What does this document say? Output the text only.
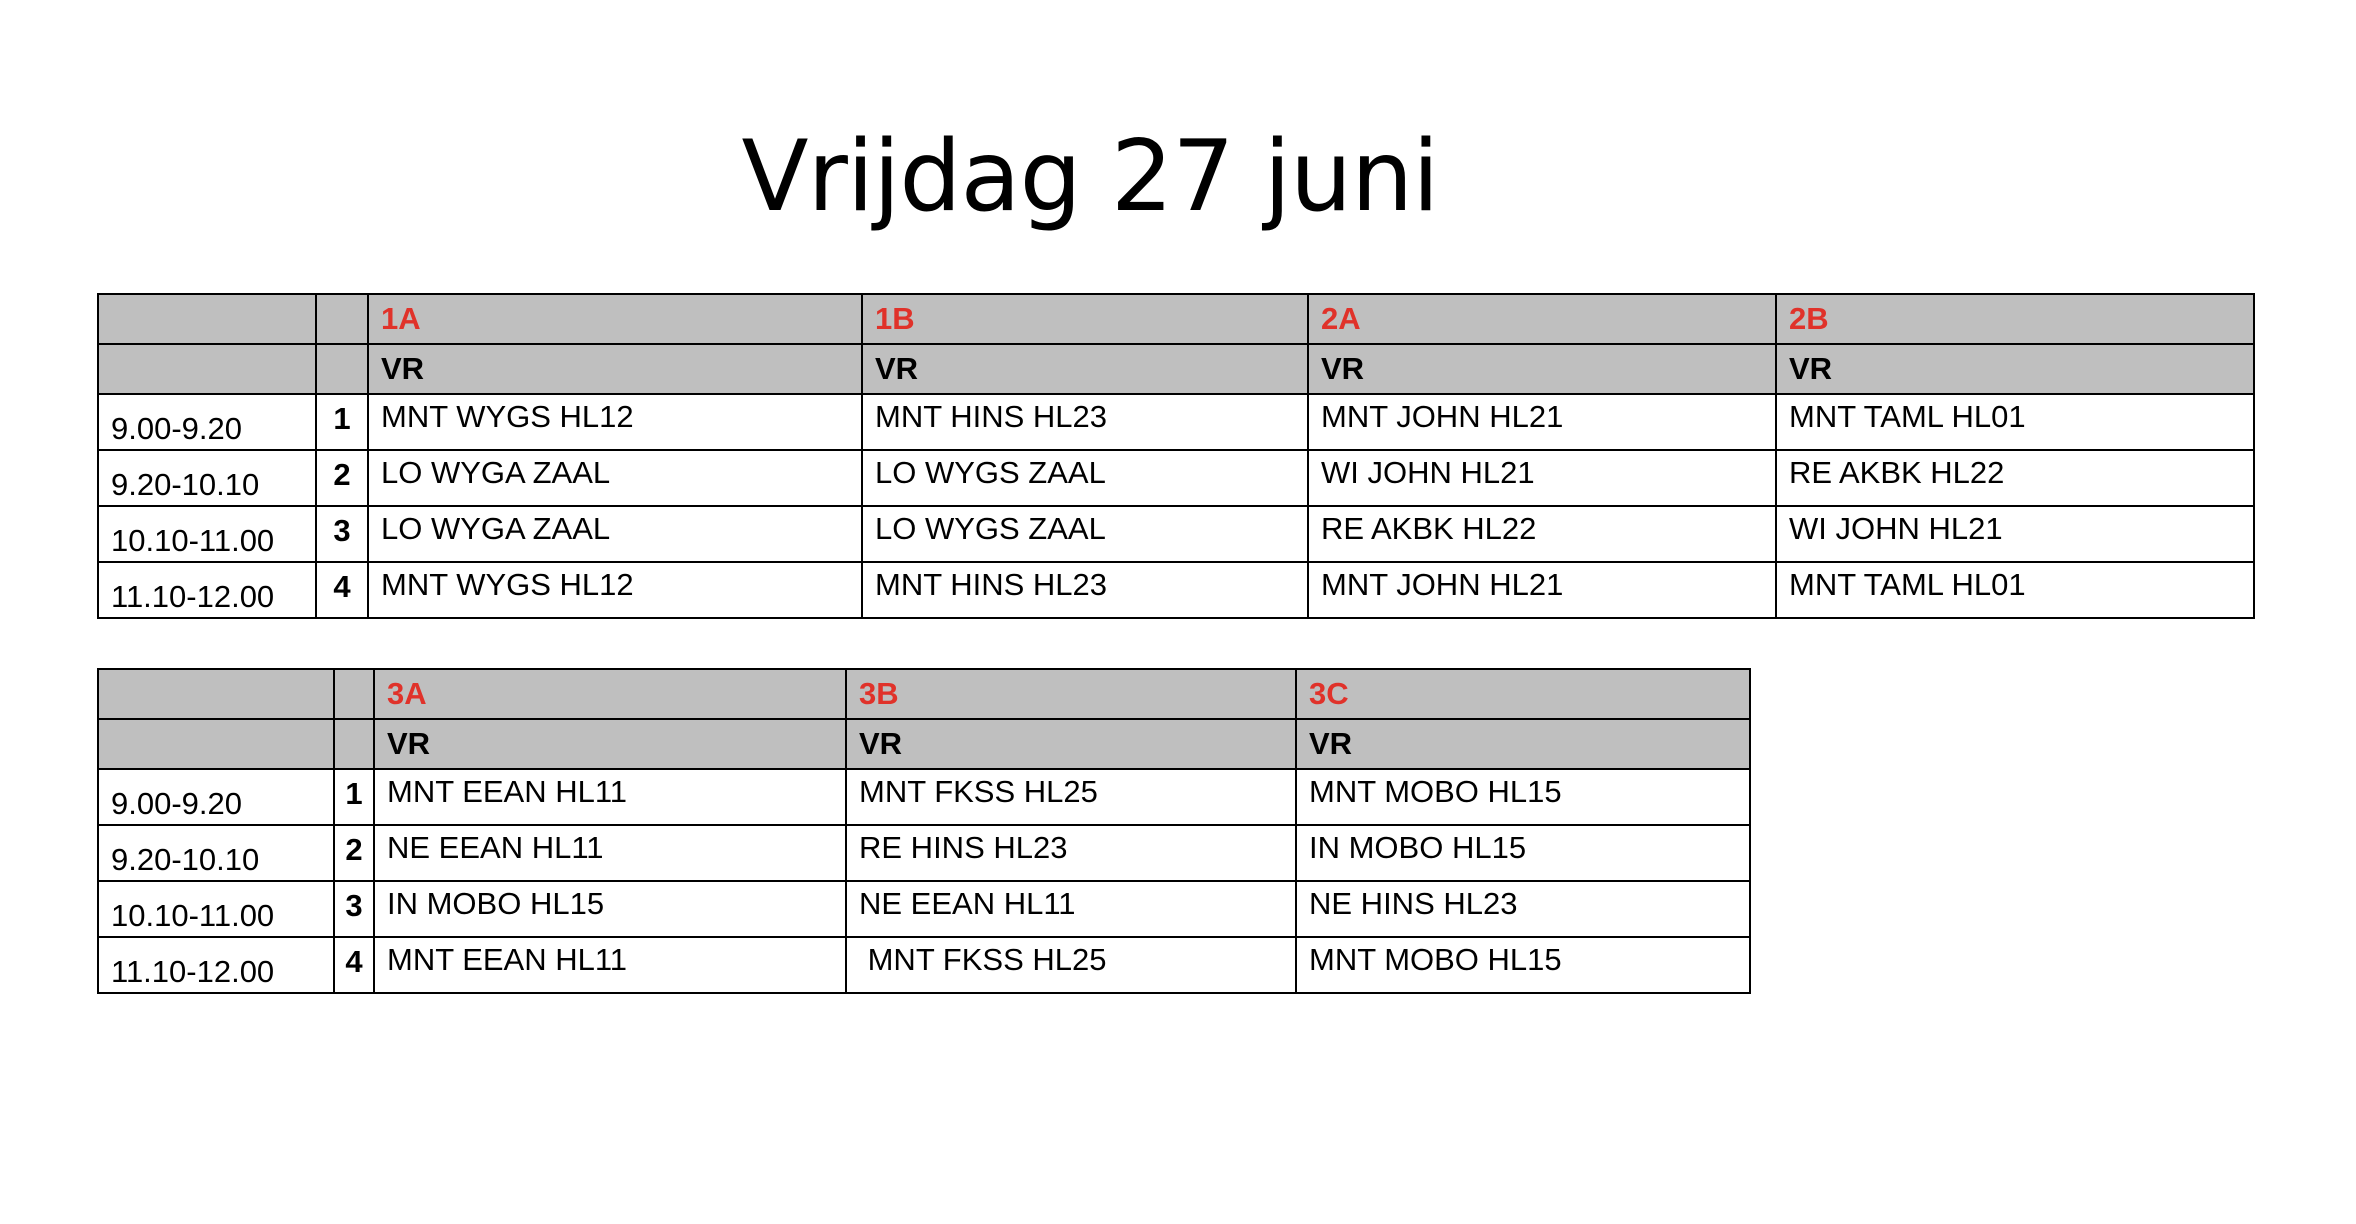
Vrijdag 27 juni
		1A	1B	2A	2B
		VR	VR	VR	VR
9.00-9.20	1	MNT WYGS HL12	MNT HINS HL23	MNT JOHN HL21	MNT TAML HL01
9.20-10.10	2	LO WYGA ZAAL	LO WYGS ZAAL	WI JOHN HL21	RE AKBK HL22
10.10-11.00	3	LO WYGA ZAAL	LO WYGS ZAAL	RE AKBK HL22	WI JOHN HL21
11.10-12.00	4	MNT WYGS HL12	MNT HINS HL23	MNT JOHN HL21	MNT TAML HL01
		3A	3B	3C
		VR	VR	VR
9.00-9.20	1	MNT EEAN HL11	MNT FKSS HL25	MNT MOBO HL15
9.20-10.10	2	NE EEAN HL11	RE HINS HL23	IN MOBO HL15
10.10-11.00	3	IN MOBO HL15	NE EEAN HL11	NE HINS HL23
11.10-12.00	4	MNT EEAN HL11	MNT FKSS HL25	MNT MOBO HL15
